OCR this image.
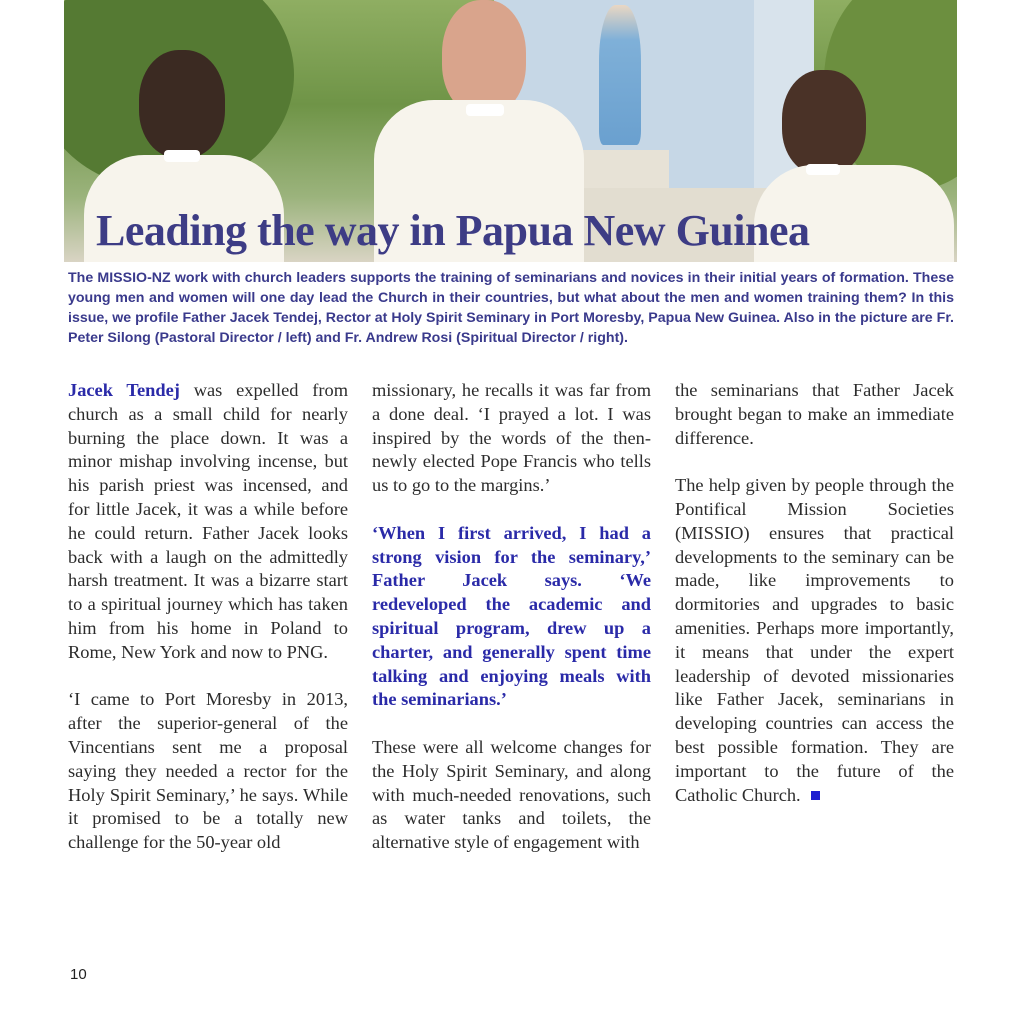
Leading the way in Papua New Guinea

The MISSIO-NZ work with church leaders supports the training of seminarians and novices in their initial years of formation. These young men and women will one day lead the Church in their countries, but what about the men and women training them? In this issue, we profile Father Jacek Tendej, Rector at Holy Spirit Seminary in Port Moresby, Papua New Guinea. Also in the picture are Fr. Peter Silong (Pastoral Director / left) and Fr. Andrew Rosi (Spiritual Director / right).

Jacek Tendej was expelled from church as a small child for nearly burning the place down. It was a minor mishap involving incense, but his parish priest was incensed, and for little Jacek, it was a while before he could return. Father Jacek looks back with a laugh on the admittedly harsh treatment. It was a bizarre start to a spiritual journey which has taken him from his home in Poland to Rome, New York and now to PNG.

‘I came to Port Moresby in 2013, after the superior-general of the Vincentians sent me a proposal saying they needed a rector for the Holy Spirit Seminary,’ he says. While it promised to be a totally new challenge for the 50-year old

missionary, he recalls it was far from a done deal. ‘I prayed a lot. I was inspired by the words of the then-newly elected Pope Francis who tells us to go to the margins.’

‘When I first arrived, I had a strong vision for the seminary,’ Father Jacek says. ‘We redeveloped the academic and spiritual program, drew up a charter, and generally spent time talking and enjoying meals with the seminarians.’

These were all welcome changes for the Holy Spirit Seminary, and along with much-needed renovations, such as water tanks and toilets, the alternative style of engagement with

the seminarians that Father Jacek brought began to make an immediate difference.

The help given by people through the Pontifical Mission Societies (MISSIO) ensures that practical developments to the seminary can be made, like improvements to dormitories and upgrades to basic amenities. Perhaps more importantly, it means that under the expert leadership of devoted missionaries like Father Jacek, seminarians in developing countries can access the best possible formation. They are important to the future of the Catholic Church.

10
